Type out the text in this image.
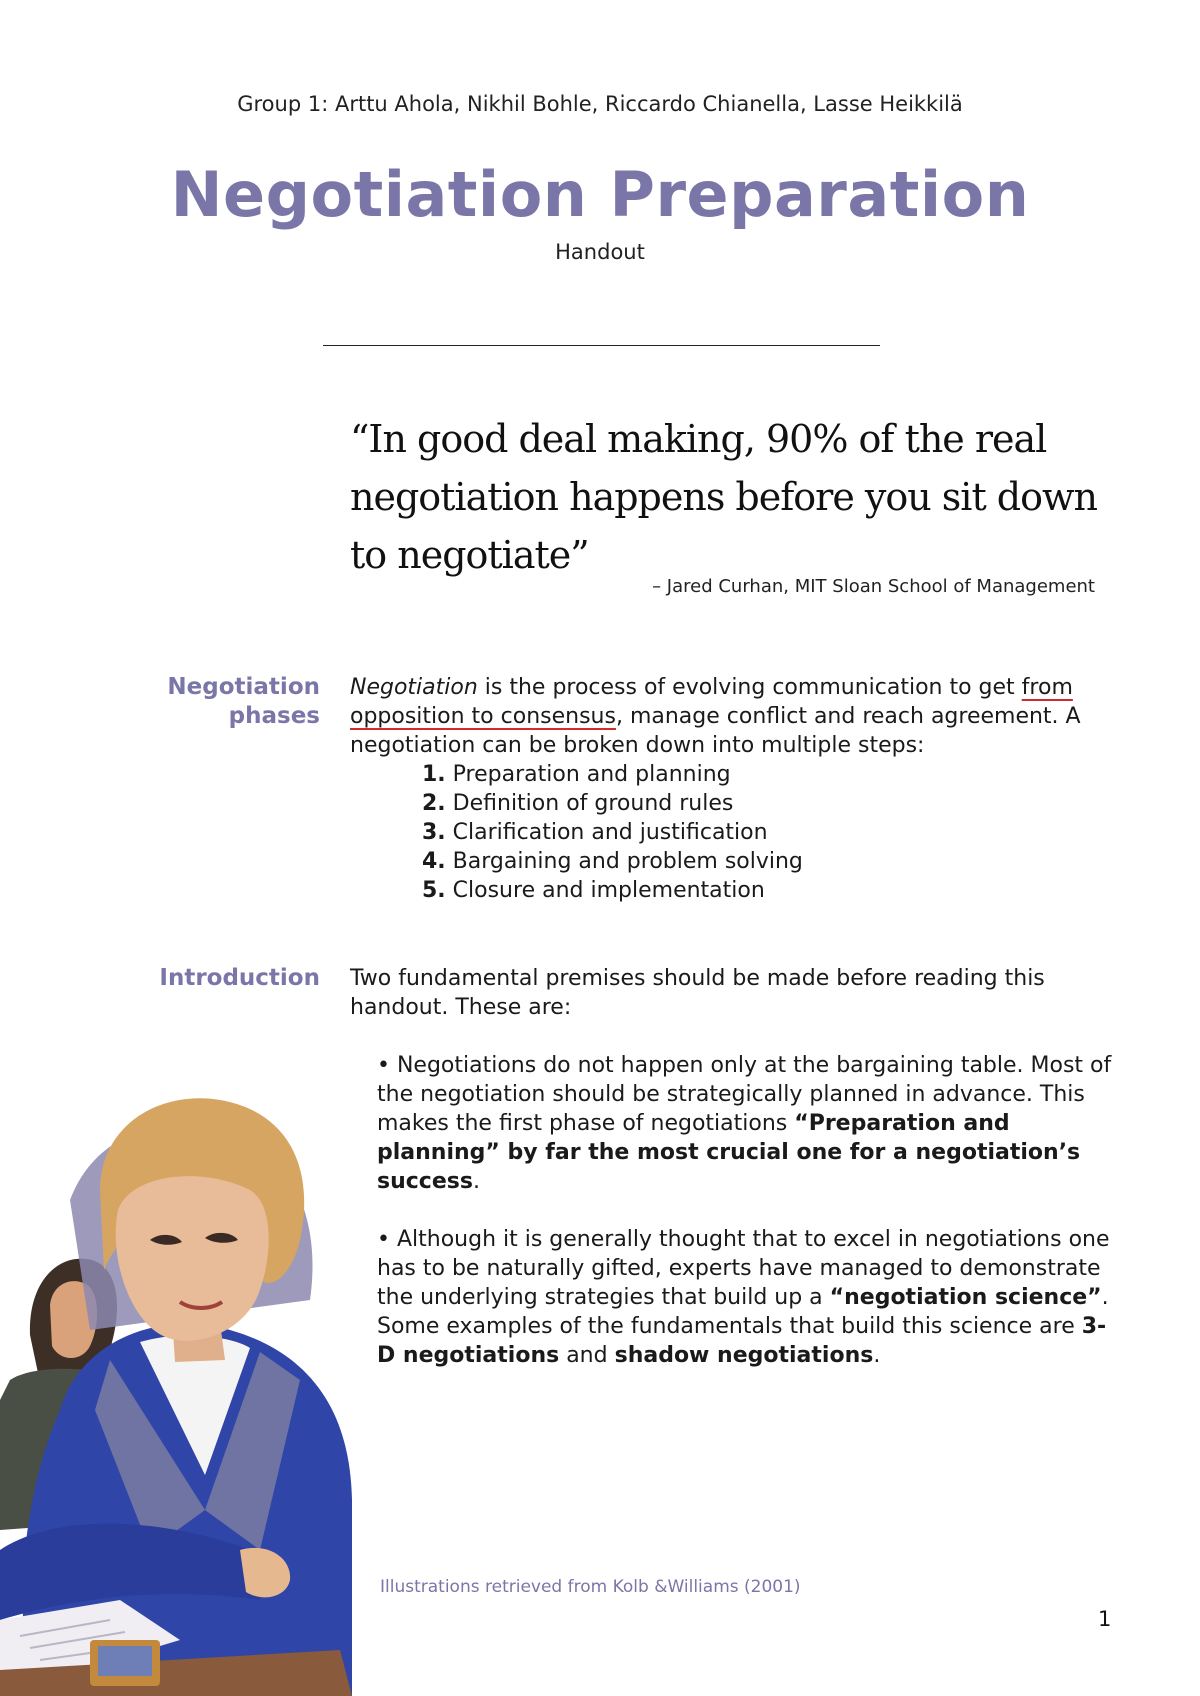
Group 1: Arttu Ahola, Nikhil Bohle, Riccardo Chianella, Lasse Heikkilä
Negotiation Preparation
Handout
“In good deal making, 90% of the real negotiation happens before you sit down to negotiate”
– Jared Curhan, MIT Sloan School of Management
Negotiation phases
Negotiation is the process of evolving communication to get from opposition to consensus, manage conflict and reach agreement. A negotiation can be broken down into multiple steps:
1. Preparation and planning
2. Definition of ground rules
3. Clarification and justification
4. Bargaining and problem solving
5. Closure and implementation
Introduction Two fundamental premises should be made before reading this handout. These are:

• Negotiations do not happen only at the bargaining table. Most of the negotiation should be strategically planned in advance. This makes the first phase of negotiations “Preparation and planning” by far the most crucial one for a negotiation’s success.

• Although it is generally thought that to excel in negotiations one has to be naturally gifted, experts have managed to demonstrate the underlying strategies that build up a “negotiation science”. Some examples of the fundamentals that build this science are 3-D negotiations and shadow negotiations.

Illustrations retrieved from Kolb &Williams (2001)
1
